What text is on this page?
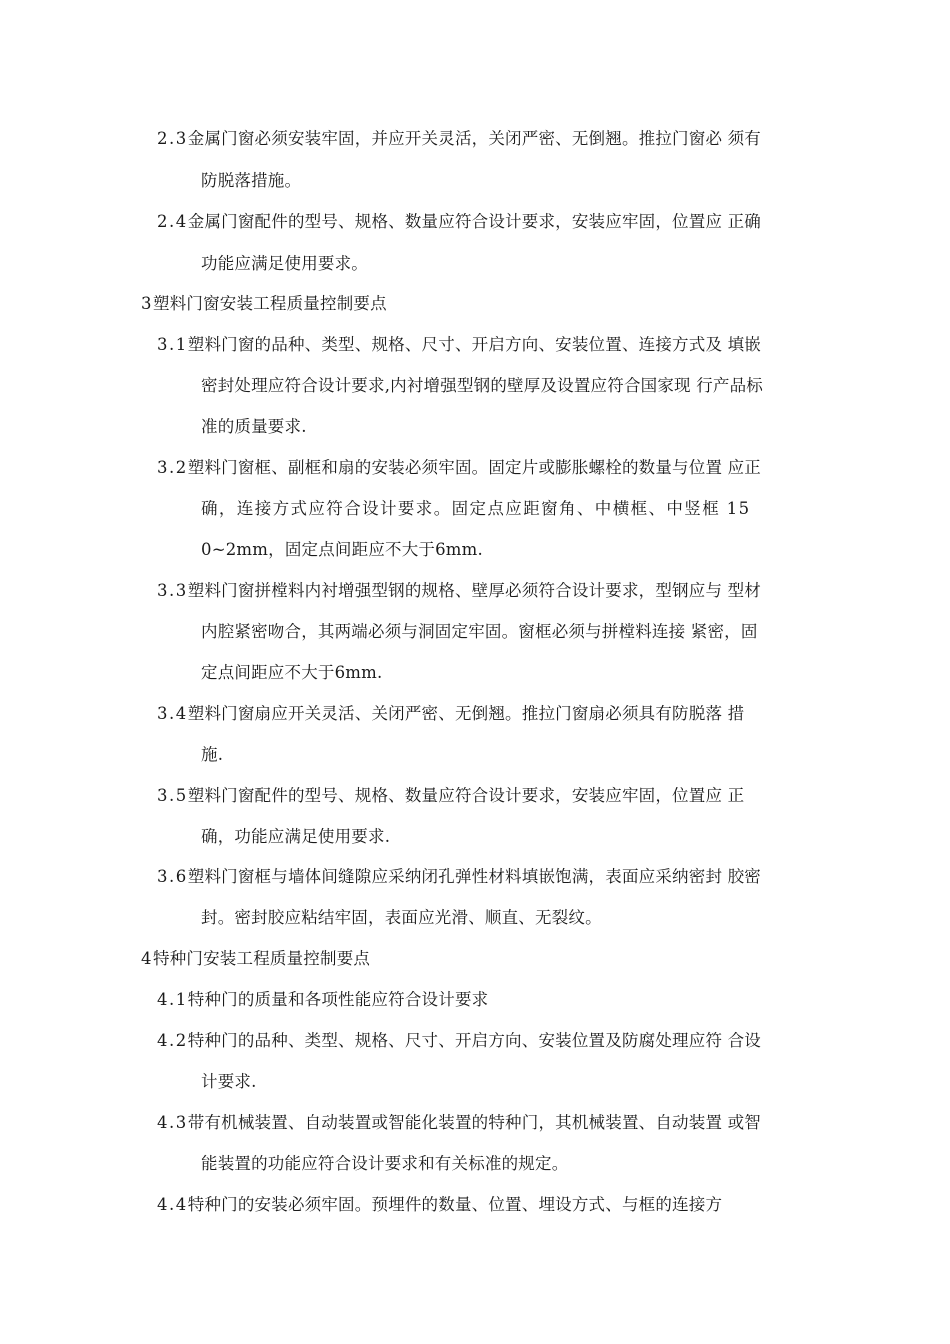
2.3金属门窗必须安装牢固，并应开关灵活，关闭严密、无倒翘。推拉门窗必 须有
防脱落措施。
2.4金属门窗配件的型号、规格、数量应符合设计要求，安装应牢固，位置应 正确
功能应满足使用要求。
3塑料门窗安装工程质量控制要点
3.1塑料门窗的品种、类型、规格、尺寸、开启方向、安装位置、连接方式及 填嵌
密封处理应符合设计要求,内衬增强型钢的壁厚及设置应符合国家现 行产品标
准的质量要求.
3.2塑料门窗框、副框和扇的安装必须牢固。固定片或膨胀螺栓的数量与位置 应正
确，连接方式应符合设计要求。固定点应距窗角、中横框、中竖框 15
0~2mm，固定点间距应不大于6mm.
3.3塑料门窗拼樘料内衬增强型钢的规格、壁厚必须符合设计要求，型钢应与 型材
内腔紧密吻合，其两端必须与洞固定牢固。窗框必须与拼樘料连接 紧密，固
定点间距应不大于6mm.
3.4塑料门窗扇应开关灵活、关闭严密、无倒翘。推拉门窗扇必须具有防脱落 措
施.
3.5塑料门窗配件的型号、规格、数量应符合设计要求，安装应牢固，位置应 正
确，功能应满足使用要求.
3.6塑料门窗框与墙体间缝隙应采纳闭孔弹性材料填嵌饱满，表面应采纳密封 胶密
封。密封胶应粘结牢固，表面应光滑、顺直、无裂纹。
4特种门安装工程质量控制要点
4.1特种门的质量和各项性能应符合设计要求
4.2特种门的品种、类型、规格、尺寸、开启方向、安装位置及防腐处理应符 合设
计要求.
4.3带有机械装置、自动装置或智能化装置的特种门，其机械装置、自动装置 或智
能装置的功能应符合设计要求和有关标准的规定。
4.4特种门的安装必须牢固。预埋件的数量、位置、埋设方式、与框的连接方
